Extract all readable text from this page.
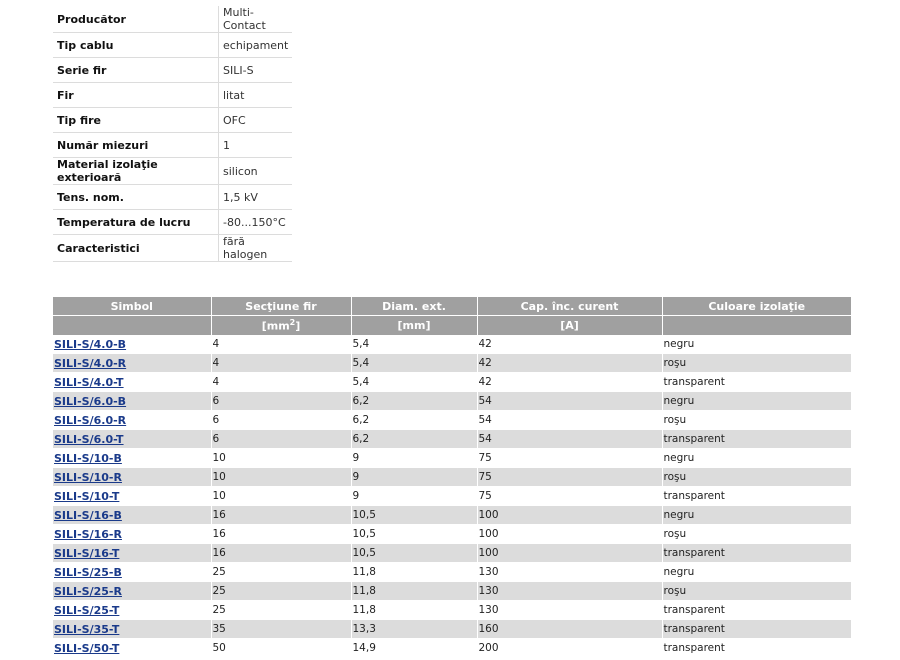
Producător	Multi-Contact
Tip cablu	echipament
Serie fir	SILI-S
Fir	litat
Tip fire	OFC
Număr miezuri	1
Material izolaţie exterioară	silicon
Tens. nom.	1,5 kV
Temperatura de lucru	-80...150°C
Caracteristici	fără halogen
Simbol	Secţiune fir	Diam. ext.	Cap. înc. curent	Culoare izolaţie
	$[mm^2]$	[mm]	[A]	
SILI-S/4.0-B	4	5,4	42	negru
SILI-S/4.0-R	4	5,4	42	roşu
SILI-S/4.0-T	4	5,4	42	transparent
SILI-S/6.0-B	6	6,2	54	negru
SILI-S/6.0-R	6	6,2	54	roşu
SILI-S/6.0-T	6	6,2	54	transparent
SILI-S/10-B	10	9	75	negru
SILI-S/10-R	10	9	75	roşu
SILI-S/10-T	10	9	75	transparent
SILI-S/16-B	16	10,5	100	negru
SILI-S/16-R	16	10,5	100	roşu
SILI-S/16-T	16	10,5	100	transparent
SILI-S/25-B	25	11,8	130	negru
SILI-S/25-R	25	11,8	130	roşu
SILI-S/25-T	25	11,8	130	transparent
SILI-S/35-T	35	13,3	160	transparent
SILI-S/50-T	50	14,9	200	transparent
